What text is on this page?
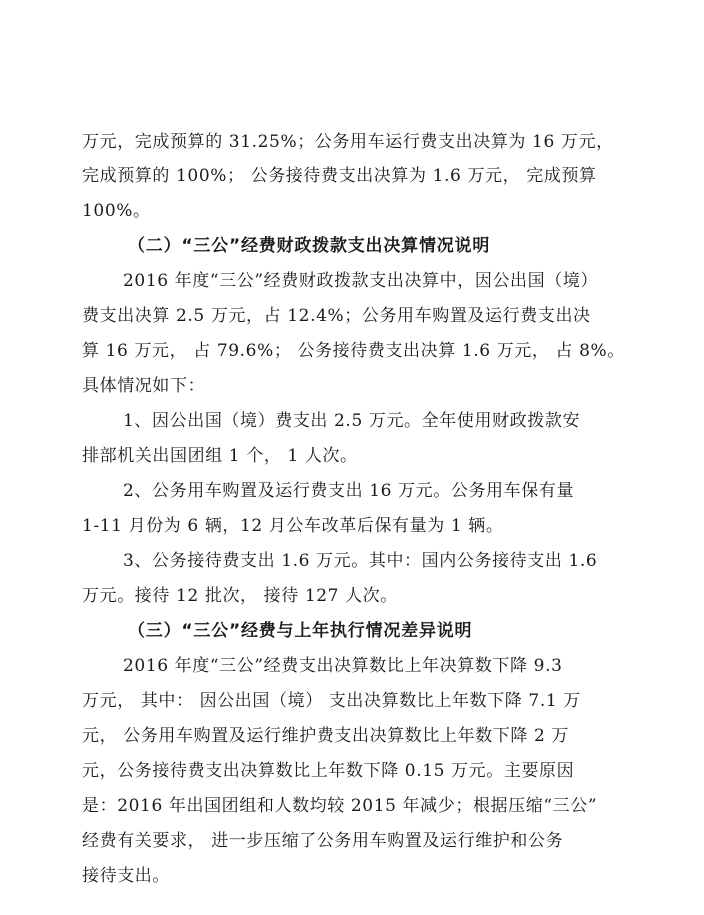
万元，完成预算的 31.25%；公务用车运行费支出决算为 16 万元，
完成预算的 100%； 公务接待费支出决算为 1.6 万元， 完成预算
100%。
（二）“三公”经费财政拨款支出决算情况说明
2016 年度“三公”经费财政拨款支出决算中，因公出国（境）
费支出决算 2.5 万元，占 12.4%；公务用车购置及运行费支出决
算 16 万元， 占 79.6%； 公务接待费支出决算 1.6 万元， 占 8%。
具体情况如下：
1、因公出国（境）费支出 2.5 万元。全年使用财政拨款安
排部机关出国团组 1 个， 1 人次。
2、公务用车购置及运行费支出 16 万元。公务用车保有量
1-11 月份为 6 辆，12 月公车改革后保有量为 1 辆。
3、公务接待费支出 1.6 万元。其中：国内公务接待支出 1.6
万元。接待 12 批次， 接待 127 人次。
（三）“三公”经费与上年执行情况差异说明
2016 年度“三公”经费支出决算数比上年决算数下降 9.3
万元， 其中： 因公出国（境） 支出决算数比上年数下降 7.1 万
元， 公务用车购置及运行维护费支出决算数比上年数下降 2 万
元，公务接待费支出决算数比上年数下降 0.15 万元。主要原因
是：2016 年出国团组和人数均较 2015 年减少；根据压缩“三公”
经费有关要求， 进一步压缩了公务用车购置及运行维护和公务
接待支出。
